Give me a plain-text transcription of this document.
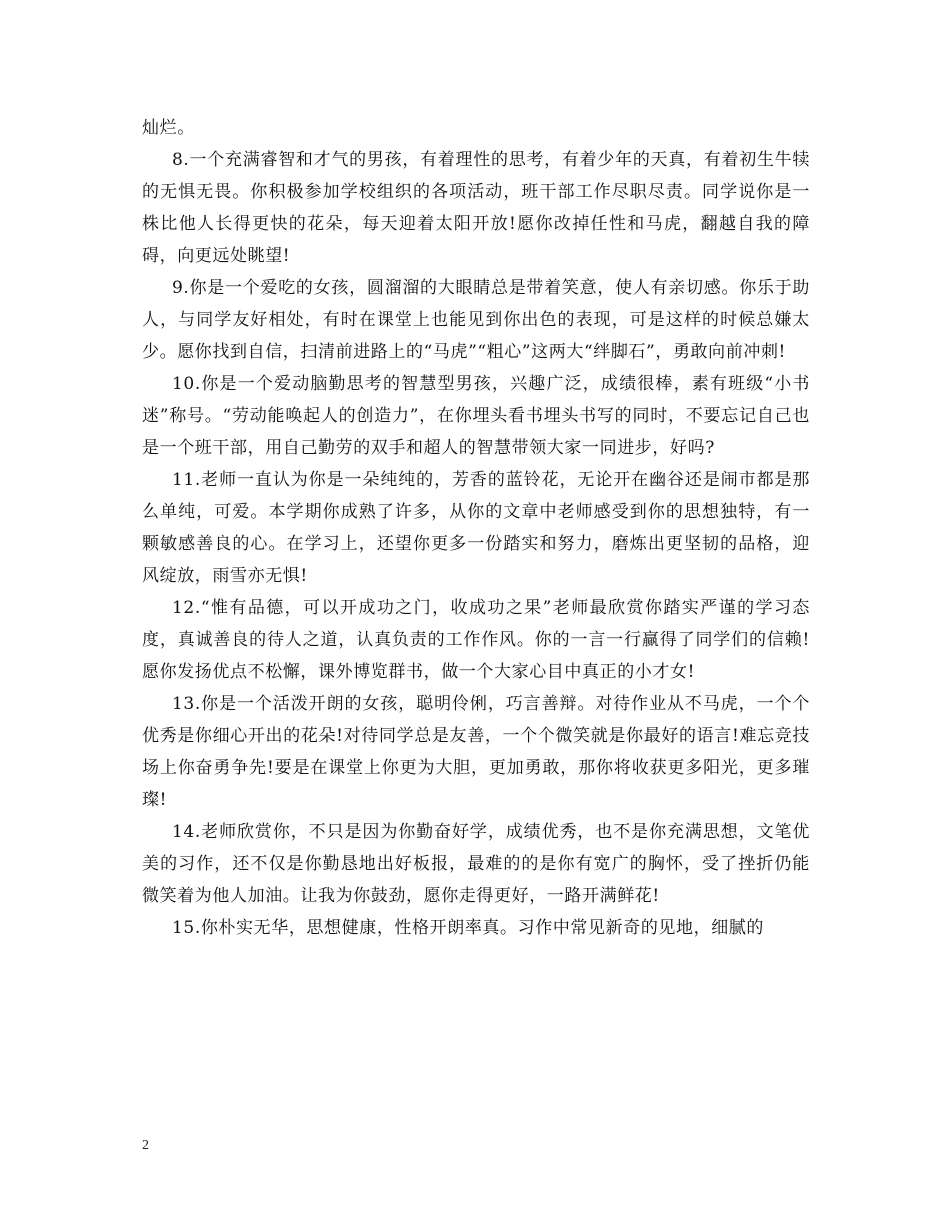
灿烂。

8.一个充满睿智和才气的男孩，有着理性的思考，有着少年的天真，有着初生牛犊的无惧无畏。你积极参加学校组织的各项活动，班干部工作尽职尽责。同学说你是一株比他人长得更快的花朵，每天迎着太阳开放!愿你改掉任性和马虎，翻越自我的障碍，向更远处眺望!

9.你是一个爱吃的女孩，圆溜溜的大眼睛总是带着笑意，使人有亲切感。你乐于助人，与同学友好相处，有时在课堂上也能见到你出色的表现，可是这样的时候总嫌太少。愿你找到自信，扫清前进路上的“马虎”“粗心”这两大“绊脚石”，勇敢向前冲刺!

10.你是一个爱动脑勤思考的智慧型男孩，兴趣广泛，成绩很棒，素有班级“小书迷”称号。“劳动能唤起人的创造力”，在你埋头看书埋头书写的同时，不要忘记自己也是一个班干部，用自己勤劳的双手和超人的智慧带领大家一同进步，好吗?

11.老师一直认为你是一朵纯纯的，芳香的蓝铃花，无论开在幽谷还是闹市都是那么单纯，可爱。本学期你成熟了许多，从你的文章中老师感受到你的思想独特，有一颗敏感善良的心。在学习上，还望你更多一份踏实和努力，磨炼出更坚韧的品格，迎风绽放，雨雪亦无惧!

12.“惟有品德，可以开成功之门，收成功之果”老师最欣赏你踏实严谨的学习态度，真诚善良的待人之道，认真负责的工作作风。你的一言一行赢得了同学们的信赖!愿你发扬优点不松懈，课外博览群书，做一个大家心目中真正的小才女!

13.你是一个活泼开朗的女孩，聪明伶俐，巧言善辩。对待作业从不马虎，一个个优秀是你细心开出的花朵!对待同学总是友善，一个个微笑就是你最好的语言!难忘竞技场上你奋勇争先!要是在课堂上你更为大胆，更加勇敢，那你将收获更多阳光，更多璀璨!

14.老师欣赏你，不只是因为你勤奋好学，成绩优秀，也不是你充满思想，文笔优美的习作，还不仅是你勤恳地出好板报，最难的的是你有宽广的胸怀，受了挫折仍能微笑着为他人加油。让我为你鼓劲，愿你走得更好，一路开满鲜花!

15.你朴实无华，思想健康，性格开朗率真。习作中常见新奇的见地，细腻的

2
